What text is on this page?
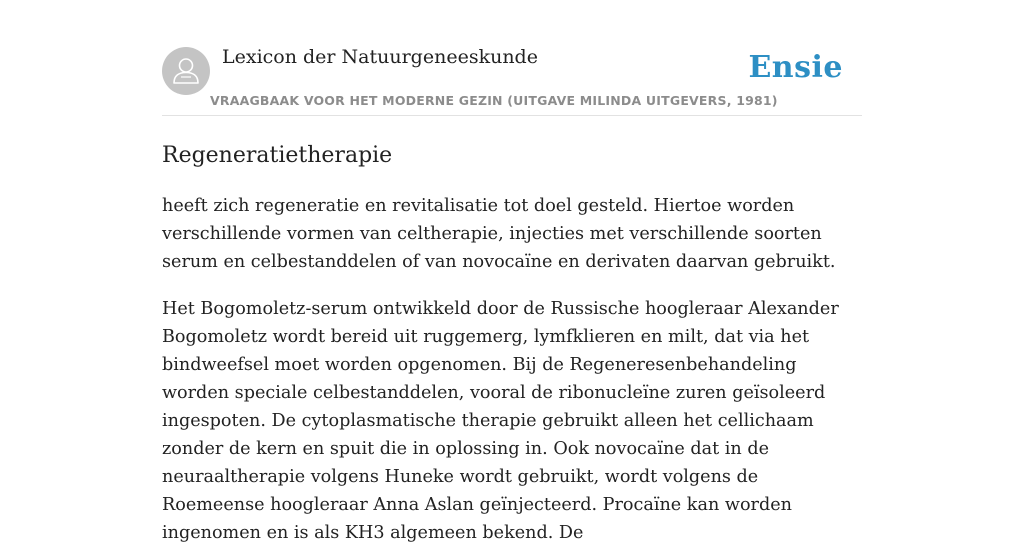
Lexicon der Natuurgeneeskunde
VRAAGBAAK VOOR HET MODERNE GEZIN (UITGAVE MILINDA UITGEVERS, 1981)
Ensie
Regeneratietherapie

heeft zich regeneratie en revitalisatie tot doel gesteld. Hiertoe worden verschillende vormen van celtherapie, injecties met verschillende soorten serum en celbestanddelen of van novocaïne en derivaten daarvan gebruikt.

Het Bogomoletz-serum ontwikkeld door de Russische hoogleraar Alexander Bogomoletz wordt bereid uit ruggemerg, lymfklieren en milt, dat via het bindweefsel moet worden opgenomen. Bij de Regeneresenbehandeling worden speciale celbestanddelen, vooral de ribonucleïne zuren geïsoleerd ingespoten. De cytoplasmatische therapie gebruikt alleen het cellichaam zonder de kern en spuit die in oplossing in. Ook novocaïne dat in de neuraaltherapie volgens Huneke wordt gebruikt, wordt volgens de Roemeense hoogleraar Anna Aslan geïnjecteerd. Procaïne kan worden ingenomen en is als KH3 algemeen bekend. De
